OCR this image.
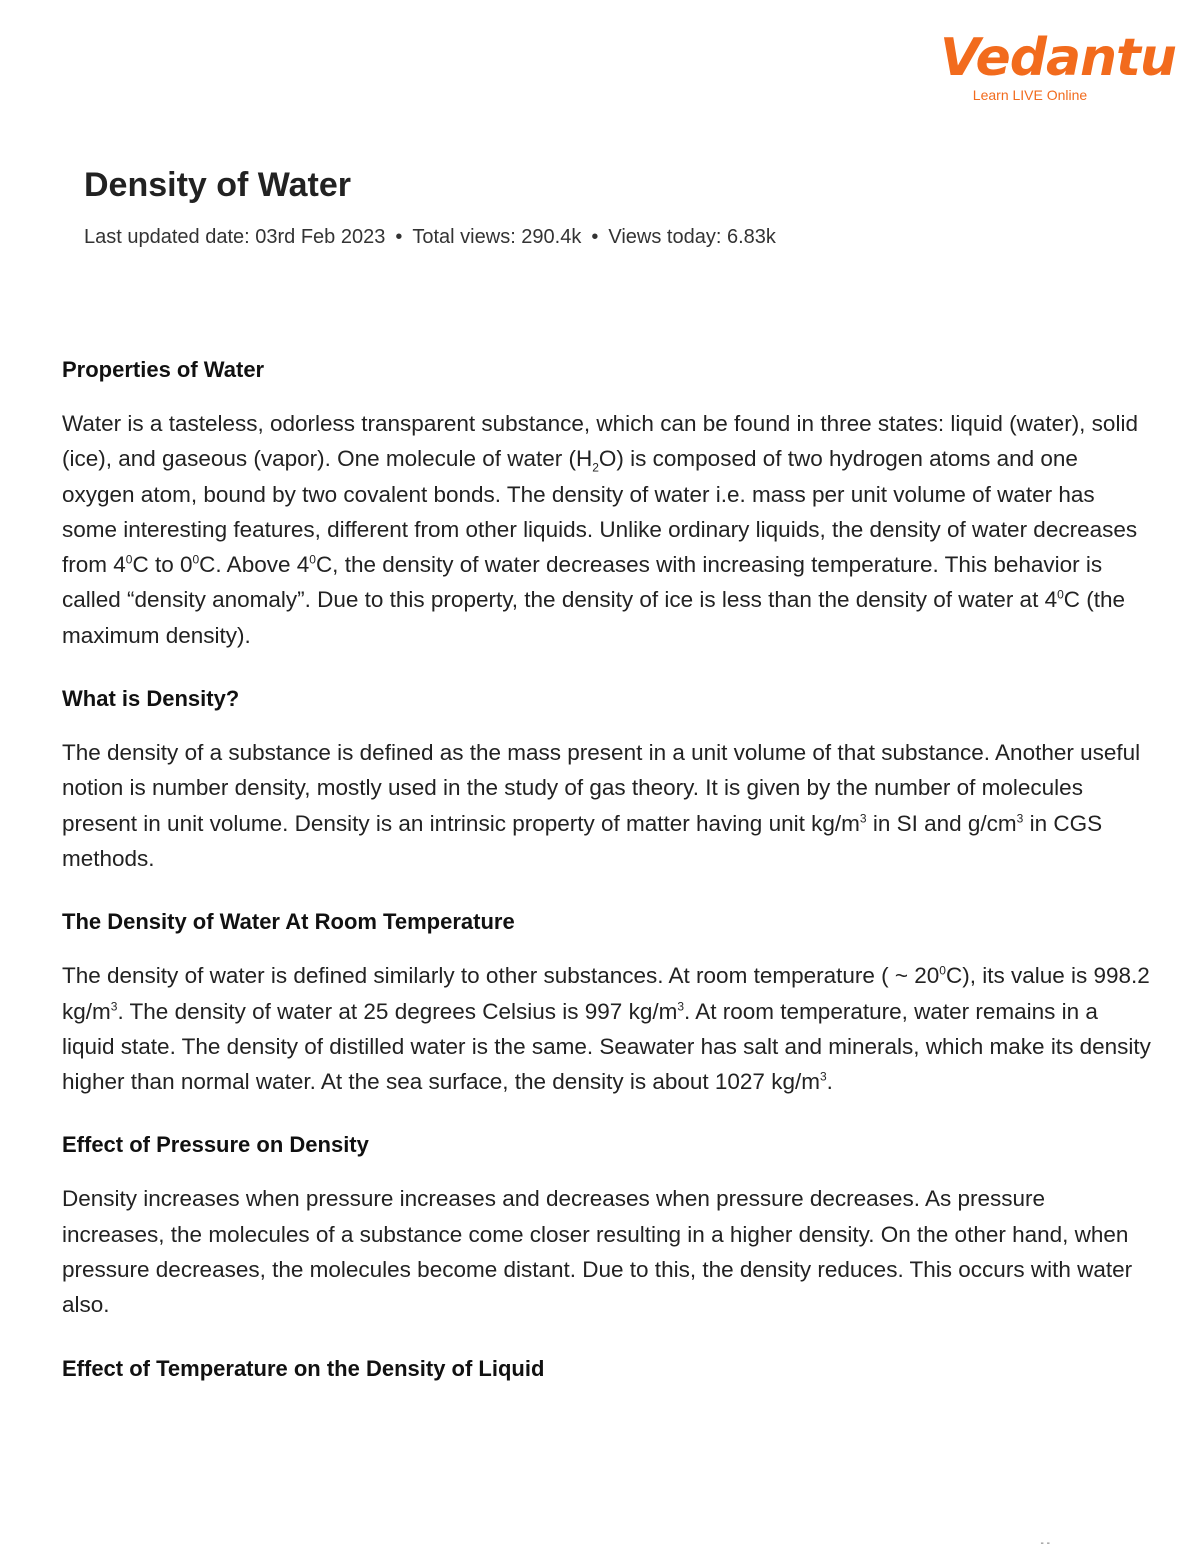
Vedantu
Learn LIVE Online
Density of Water
Last updated date: 03rd Feb 2023 • Total views: 290.4k • Views today: 6.83k
Properties of Water

Water is a tasteless, odorless transparent substance, which can be found in three states: liquid (water), solid (ice), and gaseous (vapor). One molecule of water $(H_2O)$ is composed of two hydrogen atoms and one oxygen atom, bound by two covalent bonds. The density of water i.e. mass per unit volume of water has some interesting features, different from other liquids. Unlike ordinary liquids, the density of water decreases from $4^0C$ to $0^0C$. Above $4^0C$, the density of water decreases with increasing temperature. This behavior is called “density anomaly”. Due to this property, the density of ice is less than the density of water at $4^0C$ (the maximum density).

What is Density?

The density of a substance is defined as the mass present in a unit volume of that substance. Another useful notion is number density, mostly used in the study of gas theory. It is given by the number of molecules present in unit volume. Density is an intrinsic property of matter having unit $kg/m^3$ in SI and $g/cm^3$ in CGS methods.

The Density of Water At Room Temperature

The density of water is defined similarly to other substances. At room temperature ( ~ $20^0C$), its value is 998.2 $kg/m^3$. The density of water at 25 degrees Celsius is 997 $kg/m^3$. At room temperature, water remains in a liquid state. The density of distilled water is the same. Seawater has salt and minerals, which make its density higher than normal water. At the sea surface, the density is about 1027 $kg/m^3$.

Effect of Pressure on Density

Density increases when pressure increases and decreases when pressure decreases. As pressure increases, the molecules of a substance come closer resulting in a higher density. On the other hand, when pressure decreases, the molecules become distant. Due to this, the density reduces. This occurs with water also.

Effect of Temperature on the Density of Liquid
- -
